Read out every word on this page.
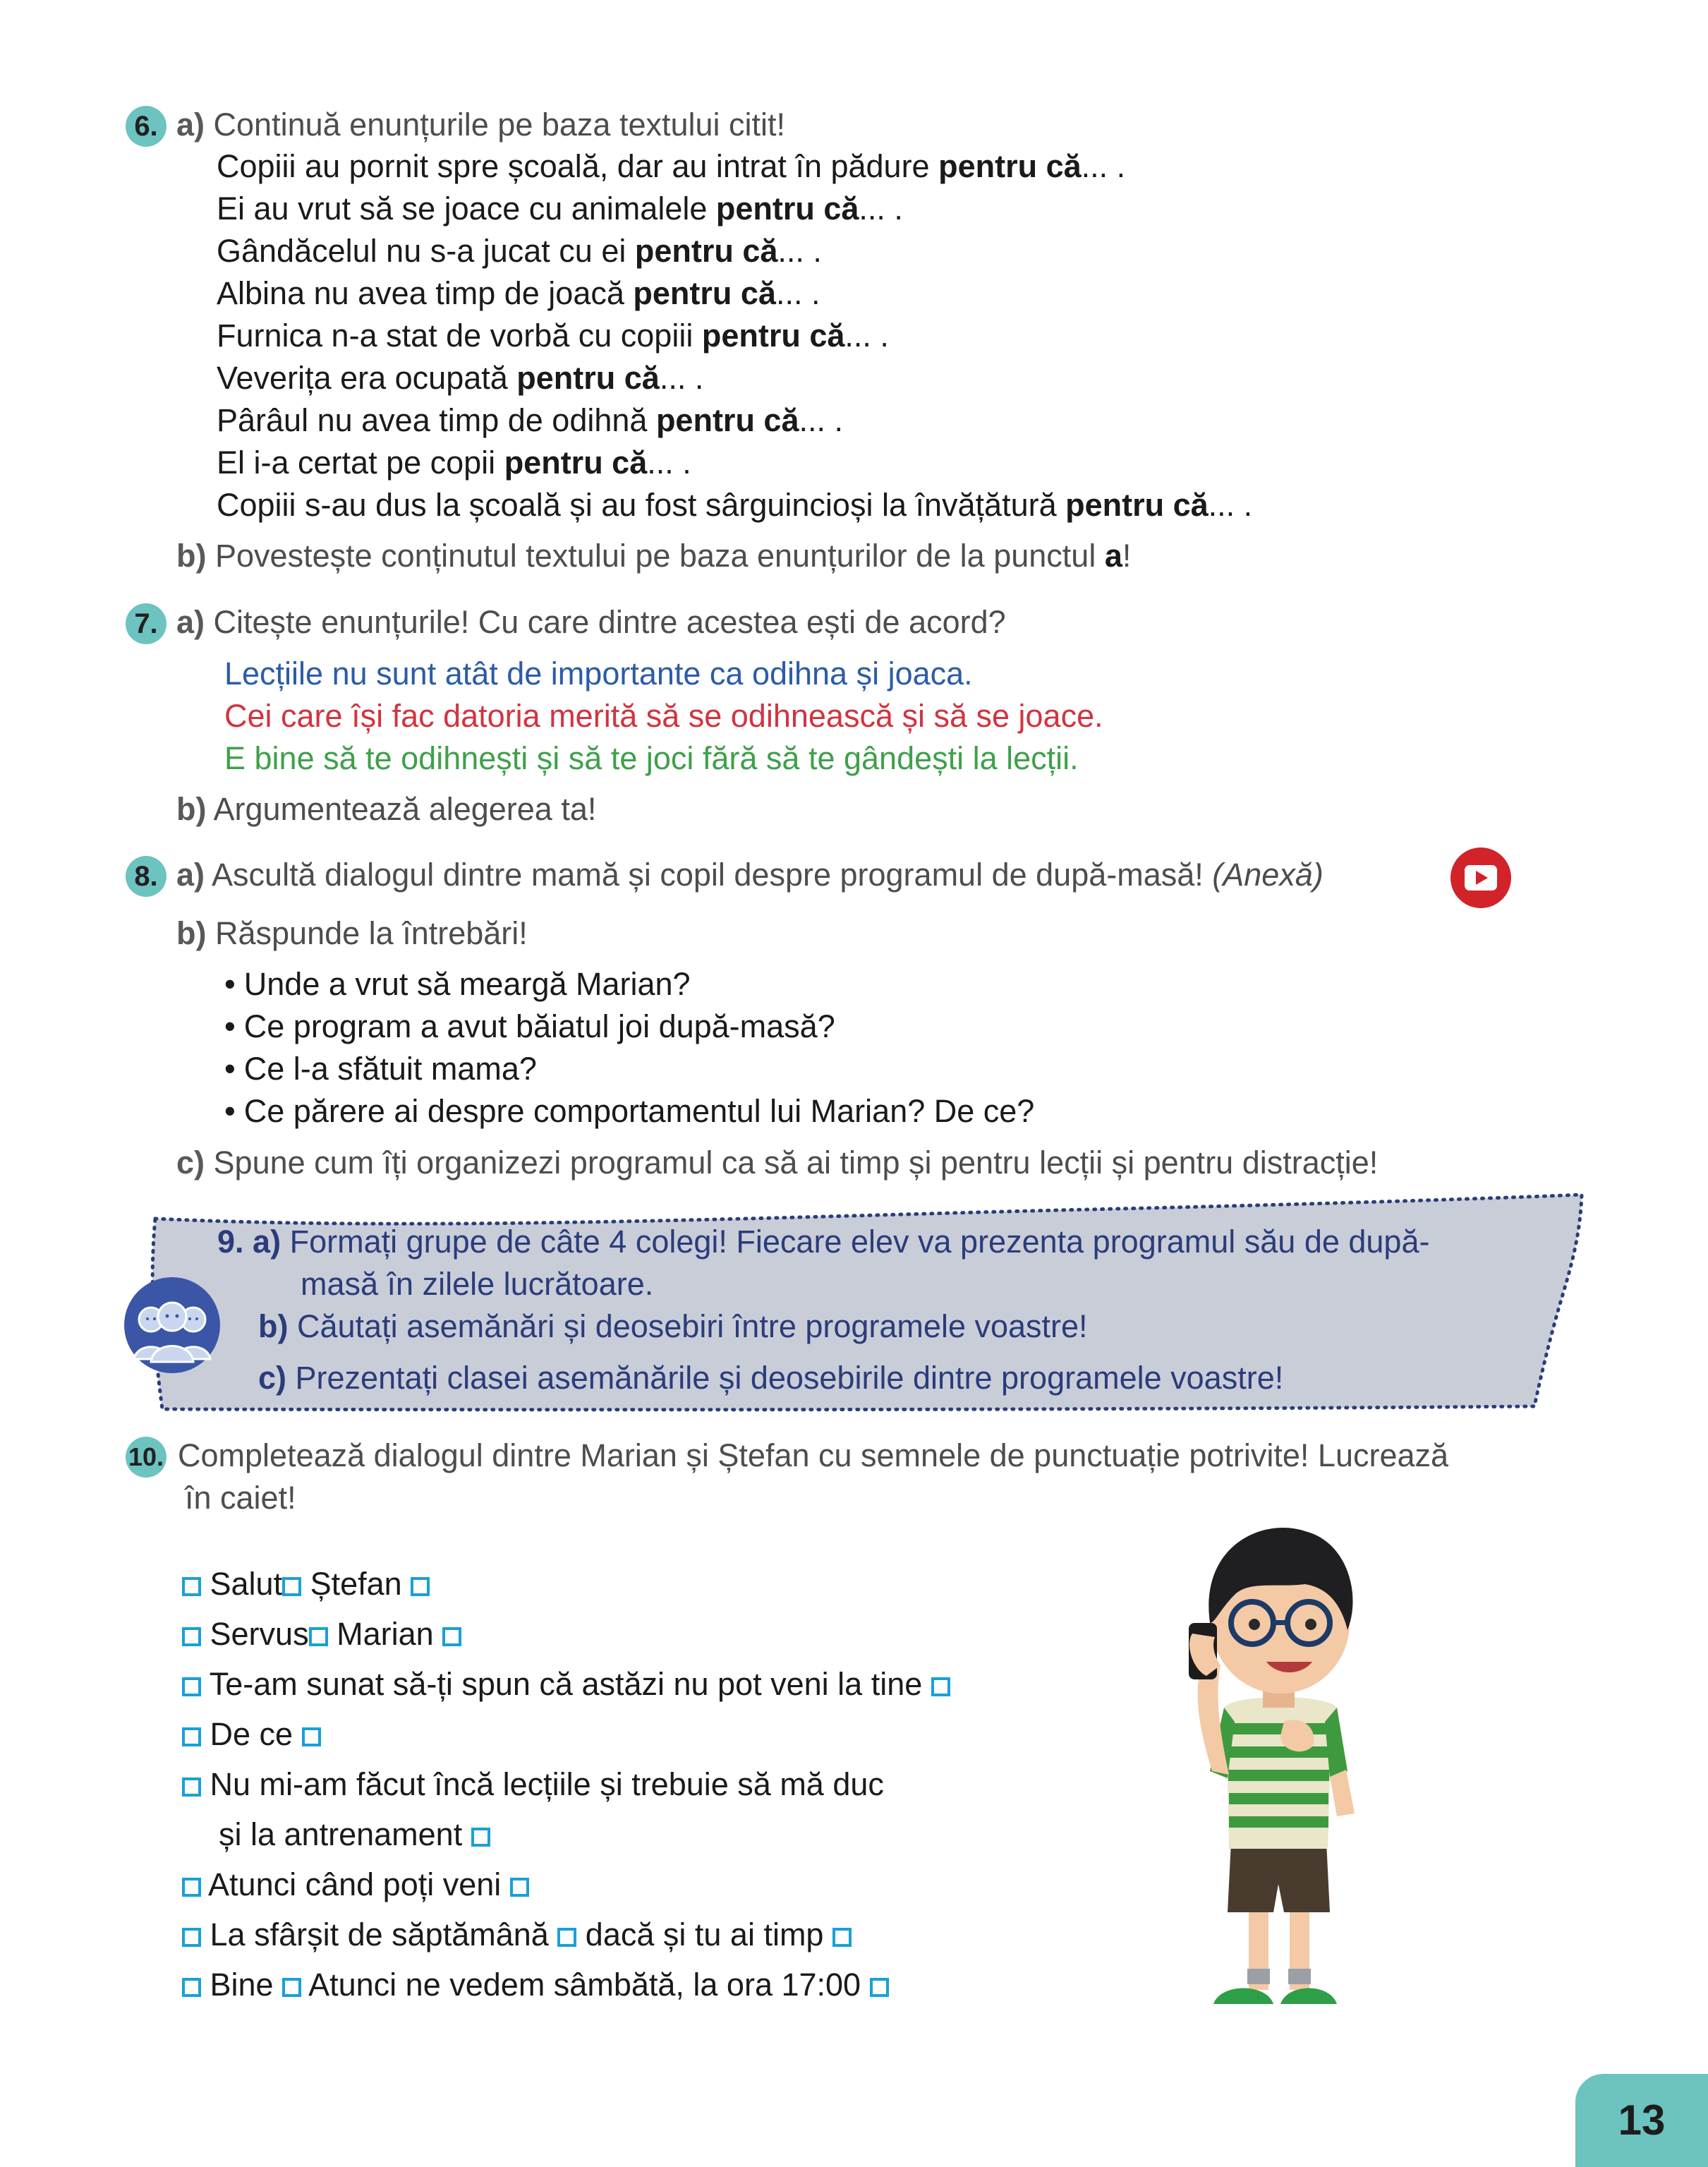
6. a) Continuă enunțurile pe baza textului citit!
Copiii au pornit spre școală, dar au intrat în pădure pentru că... .
Ei au vrut să se joace cu animalele pentru că... .
Gândăcelul nu s-a jucat cu ei pentru că... .
Albina nu avea timp de joacă pentru că... .
Furnica n-a stat de vorbă cu copiii pentru că... .
Veverița era ocupată pentru că... .
Pârâul nu avea timp de odihnă pentru că... .
El i-a certat pe copii pentru că... .
Copiii s-au dus la școală și au fost sârguincioși la învățătură pentru că... .
b) Povestește conținutul textului pe baza enunțurilor de la punctul a!
7. a) Citește enunțurile! Cu care dintre acestea ești de acord?
Lecțiile nu sunt atât de importante ca odihna și joaca.
Cei care își fac datoria merită să se odihnească și să se joace.
E bine să te odihnești și să te joci fără să te gândești la lecții.
b) Argumentează alegerea ta!
8. a) Ascultă dialogul dintre mamă și copil despre programul de după-masă! (Anexă)
b) Răspunde la întrebări!
• Unde a vrut să meargă Marian?
• Ce program a avut băiatul joi după-masă?
• Ce l-a sfătuit mama?
• Ce părere ai despre comportamentul lui Marian? De ce?
c) Spune cum îți organizezi programul ca să ai timp și pentru lecții și pentru distracție!
9. a) Formați grupe de câte 4 colegi! Fiecare elev va prezenta programul său de după-
masă în zilele lucrătoare.
b) Căutați asemănări și deosebiri între programele voastre!
c) Prezentați clasei asemănările și deosebirile dintre programele voastre!
10. Completează dialogul dintre Marian și Ștefan cu semnele de punctuație potrivite! Lucrează
în caiet!
Salut Ștefan
Servus Marian
Te-am sunat să-ți spun că astăzi nu pot veni la tine
De ce
Nu mi-am făcut încă lecțiile și trebuie să mă duc
și la antrenament
Atunci când poți veni
La sfârșit de săptămână  dacă și tu ai timp
Bine  Atunci ne vedem sâmbătă, la ora 17:00
13
